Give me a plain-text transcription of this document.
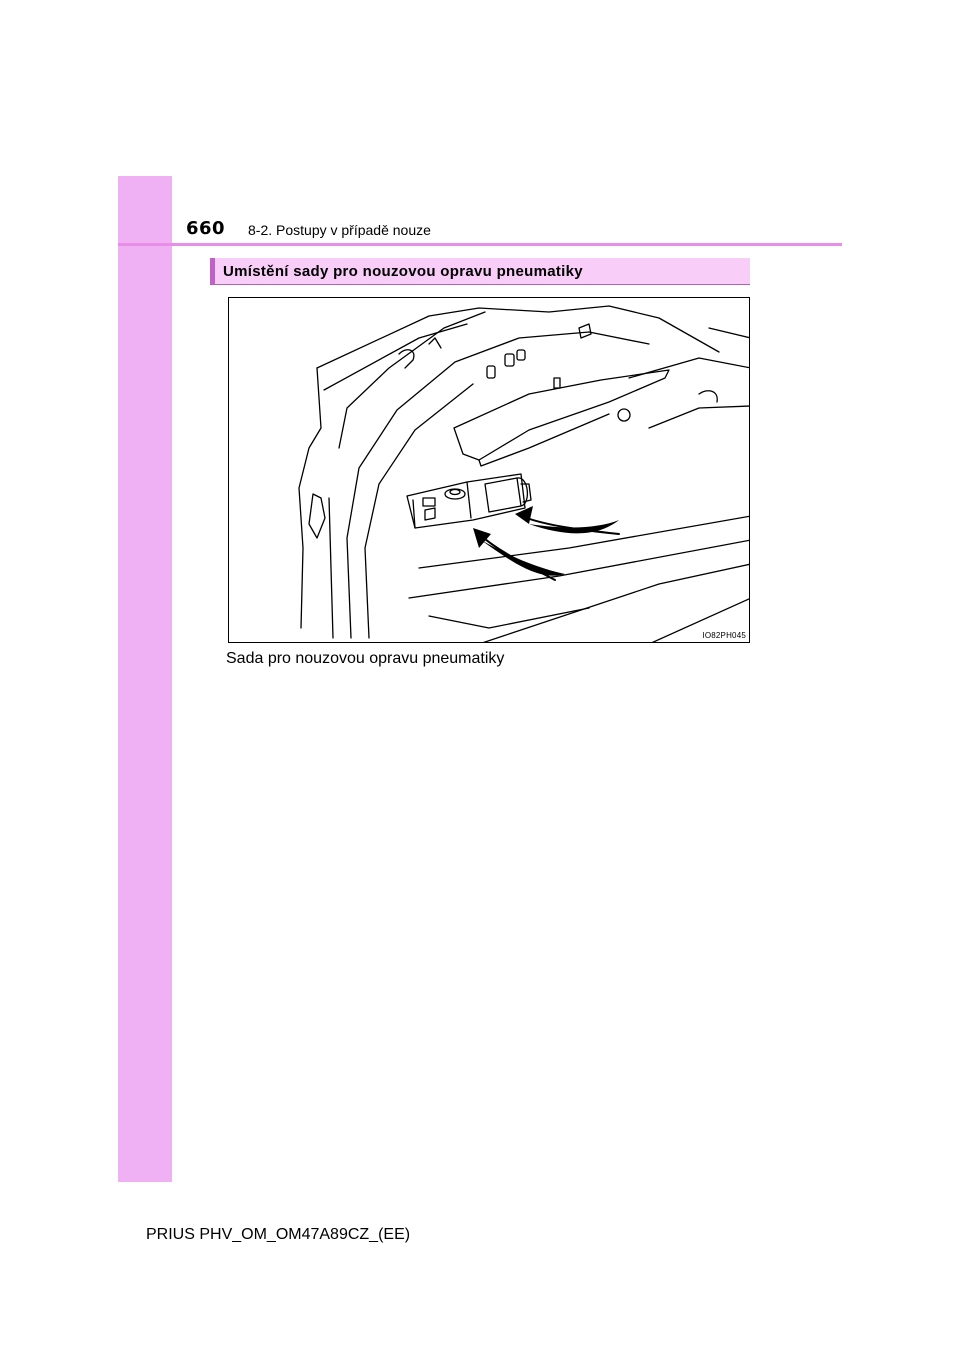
660 8-2. Postupy v případě nouze
Umístění sady pro nouzovou opravu pneumatiky
IO82PH045
Sada pro nouzovou opravu pneumatiky
PRIUS PHV_OM_OM47A89CZ_(EE)
